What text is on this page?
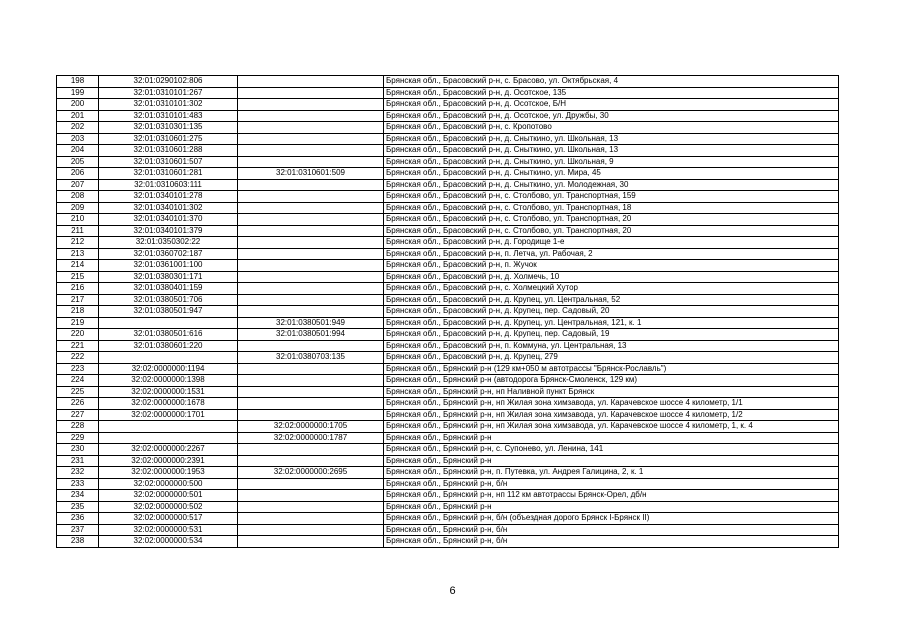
198	32:01:0290102:806		Брянская обл., Брасовский р-н, с. Брасово, ул. Октябрьская, 4
199	32:01:0310101:267		Брянская обл., Брасовский р-н, д. Осотское, 135
200	32:01:0310101:302		Брянская обл., Брасовский р-н, д. Осотское, Б/Н
201	32:01:0310101:483		Брянская обл., Брасовский р-н, д. Осотское, ул. Дружбы, 30
202	32:01:0310301:135		Брянская обл., Брасовский р-н, с. Кропотово
203	32:01:0310601:275		Брянская обл., Брасовский р-н, д. Сныткино, ул. Школьная, 13
204	32:01:0310601:288		Брянская обл., Брасовский р-н, д. Сныткино, ул. Школьная, 13
205	32:01:0310601:507		Брянская обл., Брасовский р-н, д. Сныткино, ул. Школьная, 9
206	32:01:0310601:281	32:01:0310601:509	Брянская обл., Брасовский р-н, д. Сныткино, ул. Мира, 45
207	32:01:0310603:111		Брянская обл., Брасовский р-н, д. Сныткино, ул. Молодежная, 30
208	32:01:0340101:278		Брянская обл., Брасовский р-н, с. Столбово, ул. Транспортная, 159
209	32:01:0340101:302		Брянская обл., Брасовский р-н, с. Столбово, ул. Транспортная, 18
210	32:01:0340101:370		Брянская обл., Брасовский р-н, с. Столбово, ул. Транспортная, 20
211	32:01:0340101:379		Брянская обл., Брасовский р-н, с. Столбово, ул. Транспортная, 20
212	32:01:0350302:22		Брянская обл., Брасовский р-н, д. Городище 1-е
213	32:01:0360702:187		Брянская обл., Брасовский р-н, п. Летча, ул. Рабочая, 2
214	32:01:0361001:100		Брянская обл., Брасовский р-н, п. Жучок
215	32:01:0380301:171		Брянская обл., Брасовский р-н, д. Холмечь, 10
216	32:01:0380401:159		Брянская обл., Брасовский р-н, с. Холмецкий Хутор
217	32:01:0380501:706		Брянская обл., Брасовский р-н, д. Крупец, ул. Центральная, 52
218	32:01:0380501:947		Брянская обл., Брасовский р-н, д. Крупец, пер. Садовый, 20
219		32:01:0380501:949	Брянская обл., Брасовский р-н, д. Крупец, ул. Центральная, 121, к. 1
220	32:01:0380501:616	32:01:0380501:994	Брянская обл., Брасовский р-н, д. Крупец, пер. Садовый, 19
221	32:01:0380601:220		Брянская обл., Брасовский р-н, п. Коммуна, ул. Центральная, 13
222		32:01:0380703:135	Брянская обл., Брасовский р-н, д. Крупец, 279
223	32:02:0000000:1194		Брянская обл., Брянский р-н (129 км+050 м автотрассы "Брянск-Рославль")
224	32:02:0000000:1398		Брянская обл., Брянский р-н (автодорога Брянск-Смоленск, 129 км)
225	32:02:0000000:1531		Брянская обл., Брянский р-н, нп Наливной пункт Брянск
226	32:02:0000000:1678		Брянская обл., Брянский р-н, нп Жилая зона химзавода, ул. Карачевское шоссе 4 километр, 1/1
227	32:02:0000000:1701		Брянская обл., Брянский р-н, нп Жилая зона химзавода, ул. Карачевское шоссе 4 километр, 1/2
228		32:02:0000000:1705	Брянская обл., Брянский р-н, нп Жилая зона химзавода, ул. Карачевское шоссе 4 километр, 1, к. 4
229		32:02:0000000:1787	Брянская обл., Брянский р-н
230	32:02:0000000:2267		Брянская обл., Брянский р-н, с. Супонево, ул. Ленина, 141
231	32:02:0000000:2391		Брянская обл., Брянский р-н
232	32:02:0000000:1953	32:02:0000000:2695	Брянская обл., Брянский р-н, п. Путевка, ул. Андрея Галицина, 2, к. 1
233	32:02:0000000:500		Брянская обл., Брянский р-н, б/н
234	32:02:0000000:501		Брянская обл., Брянский р-н, нп 112 км автотрассы Брянск-Орел, дб/н
235	32:02:0000000:502		Брянская обл., Брянский р-н
236	32:02:0000000:517		Брянская обл., Брянский р-н, б/н (объездная дорого Брянск I-Брянск II)
237	32:02:0000000:531		Брянская обл., Брянский р-н, б/н
238	32:02:0000000:534		Брянская обл., Брянский р-н, б/н
6
